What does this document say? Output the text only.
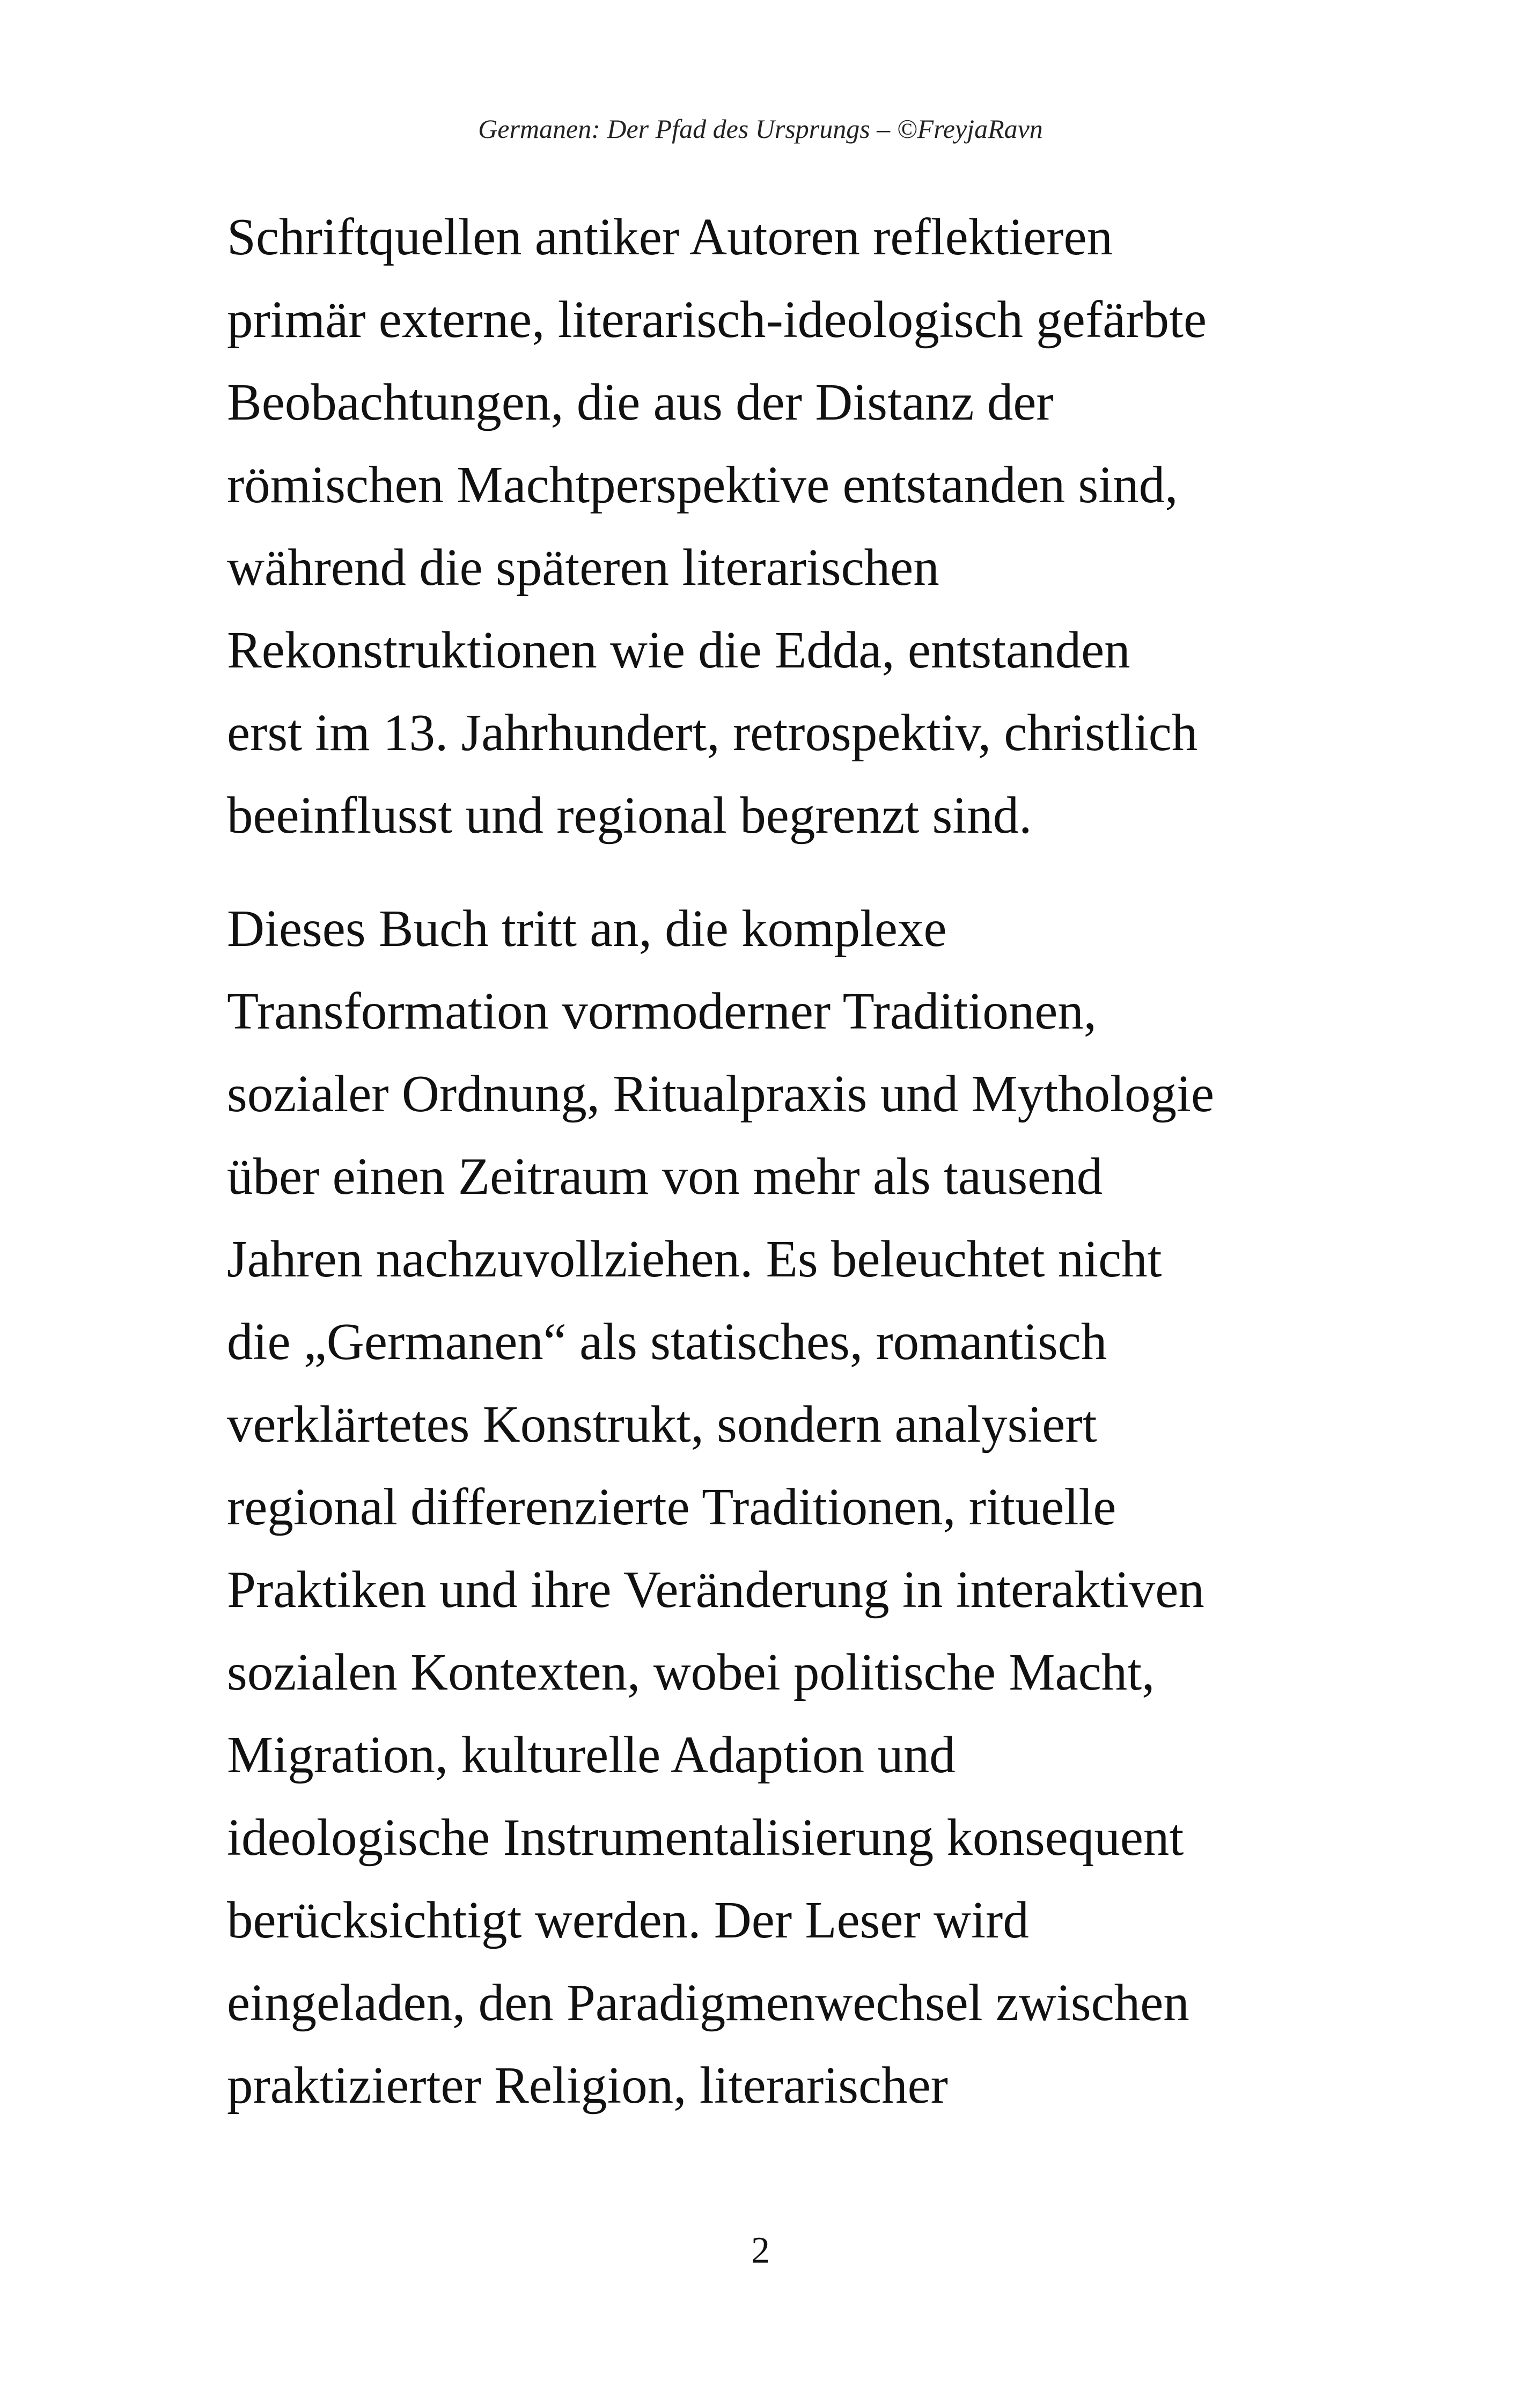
Germanen: Der Pfad des Ursprungs – ©FreyjaRavn

Schriftquellen antiker Autoren reflektieren
primär externe, literarisch-ideologisch gefärbte
Beobachtungen, die aus der Distanz der
römischen Machtperspektive entstanden sind,
während die späteren literarischen
Rekonstruktionen wie die Edda, entstanden
erst im 13. Jahrhundert, retrospektiv, christlich
beeinflusst und regional begrenzt sind.

Dieses Buch tritt an, die komplexe
Transformation vormoderner Traditionen,
sozialer Ordnung, Ritualpraxis und Mythologie
über einen Zeitraum von mehr als tausend
Jahren nachzuvollziehen. Es beleuchtet nicht
die „Germanen“ als statisches, romantisch
verklärtetes Konstrukt, sondern analysiert
regional differenzierte Traditionen, rituelle
Praktiken und ihre Veränderung in interaktiven
sozialen Kontexten, wobei politische Macht,
Migration, kulturelle Adaption und
ideologische Instrumentalisierung konsequent
berücksichtigt werden. Der Leser wird
eingeladen, den Paradigmenwechsel zwischen
praktizierter Religion, literarischer

2
